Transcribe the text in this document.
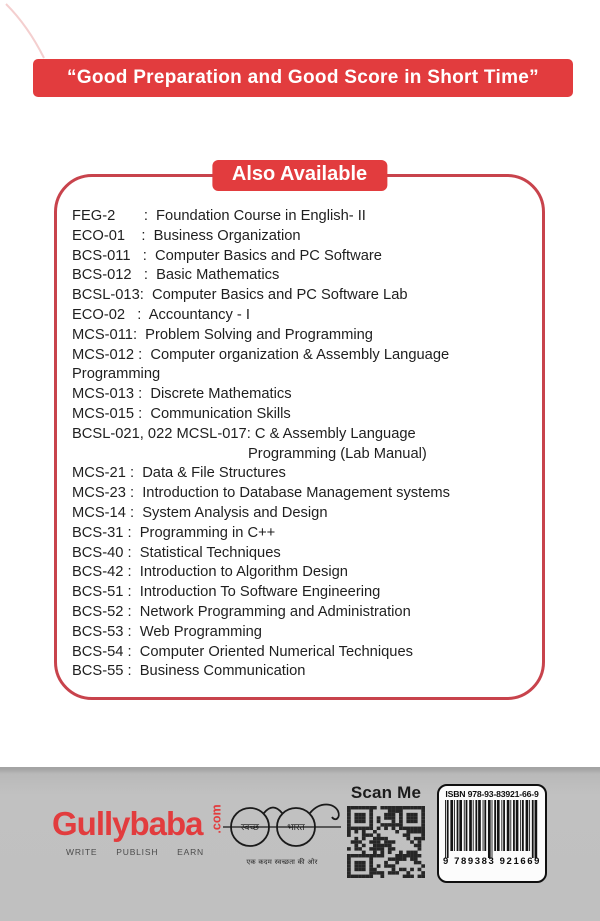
“Good Preparation and Good Score in Short Time”
Also Available
FEG-2       :  Foundation Course in English- II
ECO-01    :  Business Organization
BCS-011   :  Computer Basics and PC Software
BCS-012   :  Basic Mathematics
BCSL-013:  Computer Basics and PC Software Lab
ECO-02   :  Accountancy - I
MCS-011:  Problem Solving and Programming
MCS-012 :  Computer organization & Assembly Language
Programming
MCS-013 :  Discrete Mathematics
MCS-015 :  Communication Skills
BCSL-021, 022 MCSL-017: C & Assembly Language
Programming (Lab Manual)
MCS-21 :  Data & File Structures
MCS-23 :  Introduction to Database Management systems
MCS-14 :  System Analysis and Design
BCS-31 :  Programming in C++
BCS-40 :  Statistical Techniques
BCS-42 :  Introduction to Algorithm Design
BCS-51 :  Introduction To Software Engineering
BCS-52 :  Network Programming and Administration
BCS-53 :  Web Programming
BCS-54 :  Computer Oriented Numerical Techniques
BCS-55 :  Business Communication
Gullybaba .com
WRITE PUBLISH EARN
स्वच्छ	भारत
एक कदम स्वच्छता की ओर
Scan Me	ISBN 978-93-83921-66-9
9 789383 921669
